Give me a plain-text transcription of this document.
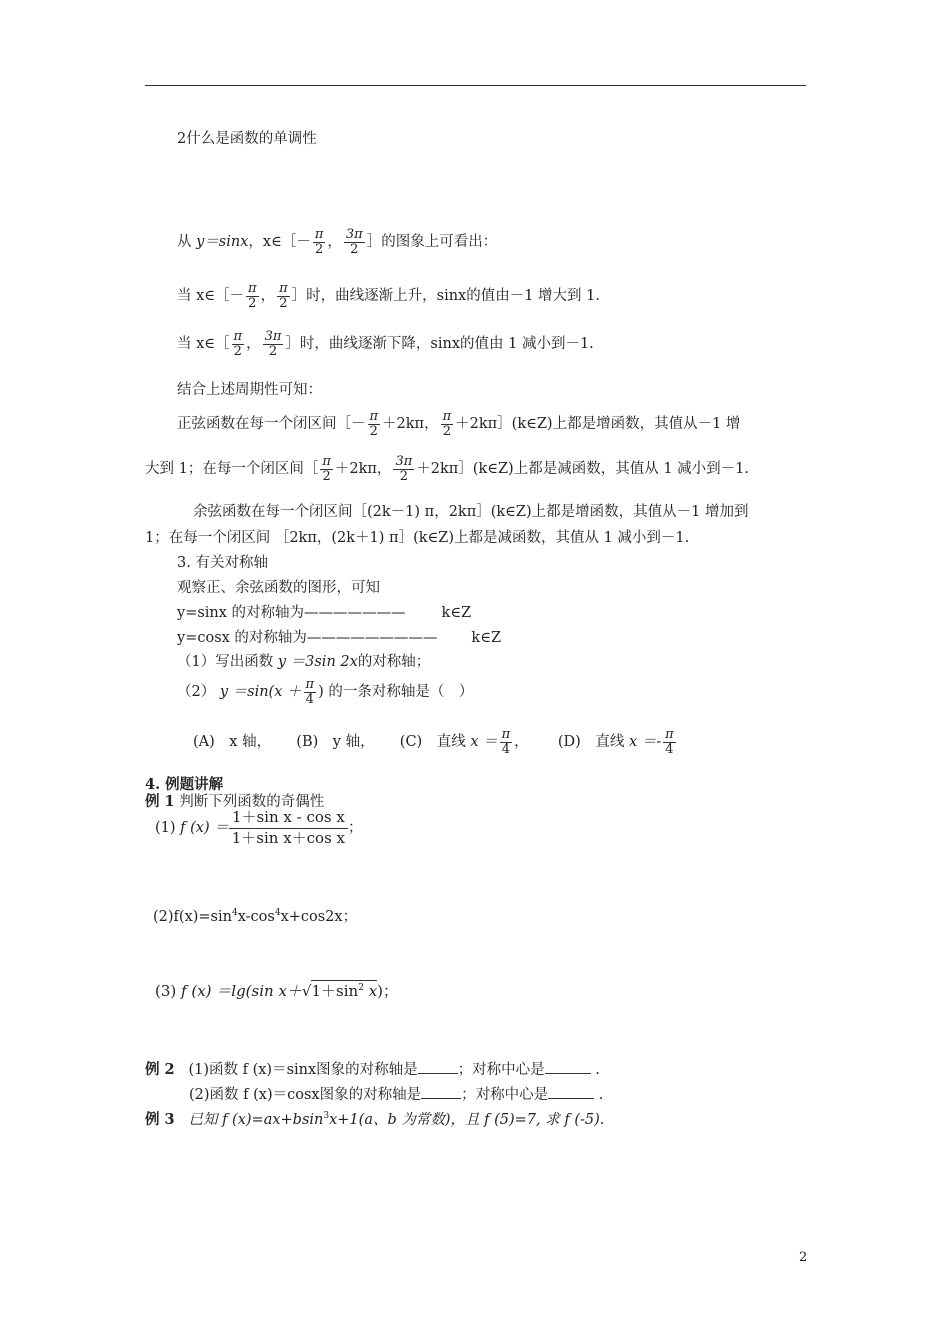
2什么是函数的单调性
从 y＝sinx，x∈［－ $\frac{\pi}{2}$ ， $\frac{3\pi}{2}$ ］的图象上可看出：
当 x∈［－ $\frac{\pi}{2}$ ， $\frac{\pi}{2}$ ］时，曲线逐渐上升，sinx的值由－1 增大到 1.
当 x∈［ $\frac{\pi}{2}$ ， $\frac{3\pi}{2}$ ］时，曲线逐渐下降，sinx的值由 1 减小到－1.
结合上述周期性可知：
正弦函数在每一个闭区间［－ $\frac{\pi}{2} +2k\pi$， $\frac{\pi}{2}$ ＋2kπ］(k∈Z)上都是增函数，其值从－1 增
大到 1；在每一个闭区间［ $\frac{\pi}{2} +2k\pi$， $\frac{3\pi}{2}$ ＋2kπ］(k∈Z)上都是减函数，其值从 1 减小到－1.
余弦函数在每一个闭区间［(2k－1) π，2kπ］(k∈Z)上都是增函数，其值从－1 增加到
1；在每一个闭区间 ［2kπ，(2k＋1) π］(k∈Z)上都是减函数，其值从 1 减小到－1.
3. 有关对称轴
观察正、余弦函数的图形，可知
y=sinx 的对称轴为——————— k∈Z
y=cosx 的对称轴为————————— k∈Z
（1）写出函数 y ＝3sin 2x的对称轴；
（2） $y =\sin(x + \frac{\pi}{4}$ ) 的一条对称轴是（　）
(A)　x 轴， (B)　y 轴， (C)　直线 $x = \frac{\pi}{4}$ ， (D)　直线 $x =- \frac{\pi}{4}$
4. 例题讲解
例 1 判断下列函数的奇偶性
(1) f $(x) = \frac{\text{1＋sin x - cos x}}{\text{1＋sin x＋cos x}}$ ；
$(2)f(x)=\sin^4x-\cos^4x+\cos 2x$；
(3) f (x) ＝lg(sin $x+√1+\sin^2$ x)；
例 2 (1)函数 f (x)＝sinx图象的对称轴是	；对称中心是	.
(2)函数 f (x)＝cosx图象的对称轴是	；对称中心是	.
例 3 已知 f (x)=ax+bsin$^3$x+1(a、b 为常数)，且 f (5)=7, 求 f (-5).
2
